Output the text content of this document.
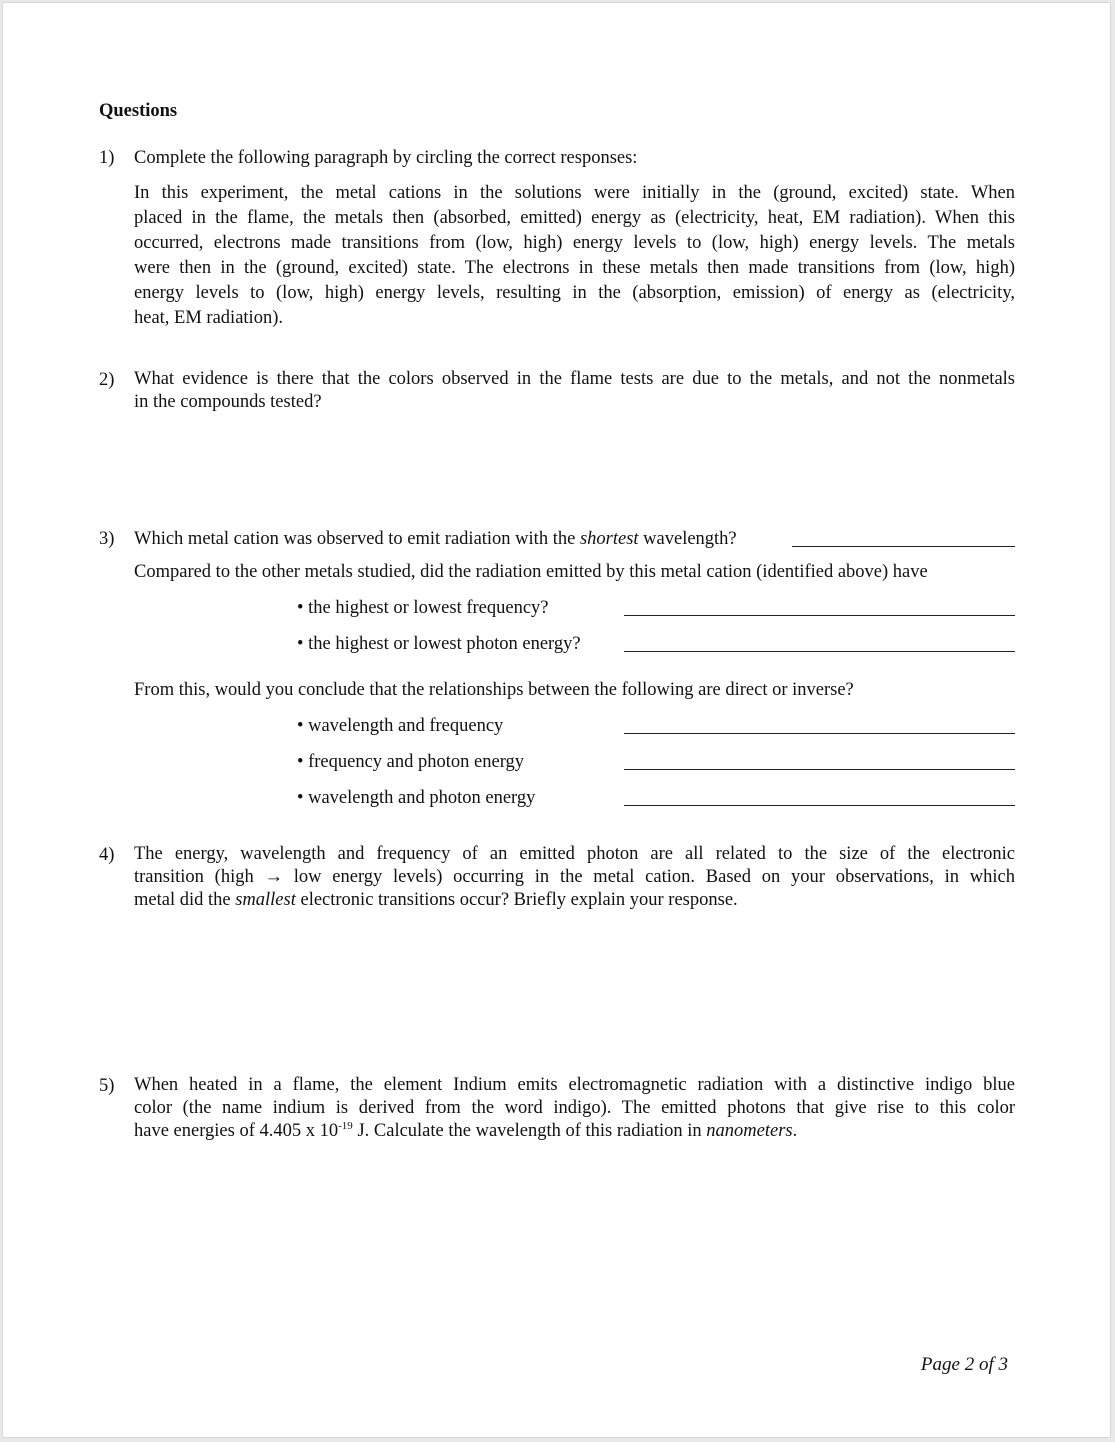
Questions
1) Complete the following paragraph by circling the correct responses:
In this experiment, the metal cations in the solutions were initially in the (ground, excited) state. When
placed in the flame, the metals then (absorbed, emitted) energy as (electricity, heat, EM radiation). When this
occurred, electrons made transitions from (low, high) energy levels to (low, high) energy levels. The metals
were then in the (ground, excited) state. The electrons in these metals then made transitions from (low, high)
energy levels to (low, high) energy levels, resulting in the (absorption, emission) of energy as (electricity,
heat, EM radiation).
2) What evidence is there that the colors observed in the flame tests are due to the metals, and not the nonmetals
in the compounds tested?
3) Which metal cation was observed to emit radiation with the shortest wavelength?
Compared to the other metals studied, did the radiation emitted by this metal cation (identified above) have
• the highest or lowest frequency?
• the highest or lowest photon energy?
From this, would you conclude that the relationships between the following are direct or inverse?
• wavelength and frequency
• frequency and photon energy
• wavelength and photon energy
4) The energy, wavelength and frequency of an emitted photon are all related to the size of the electronic
transition (high → low energy levels) occurring in the metal cation. Based on your observations, in which
metal did the smallest electronic transitions occur? Briefly explain your response.
5) When heated in a flame, the element Indium emits electromagnetic radiation with a distinctive indigo blue
color (the name indium is derived from the word indigo). The emitted photons that give rise to this color
have energies of 4.405 x $10^{-19}$ J. Calculate the wavelength of this radiation in nanometers.
Page 2 of 3
